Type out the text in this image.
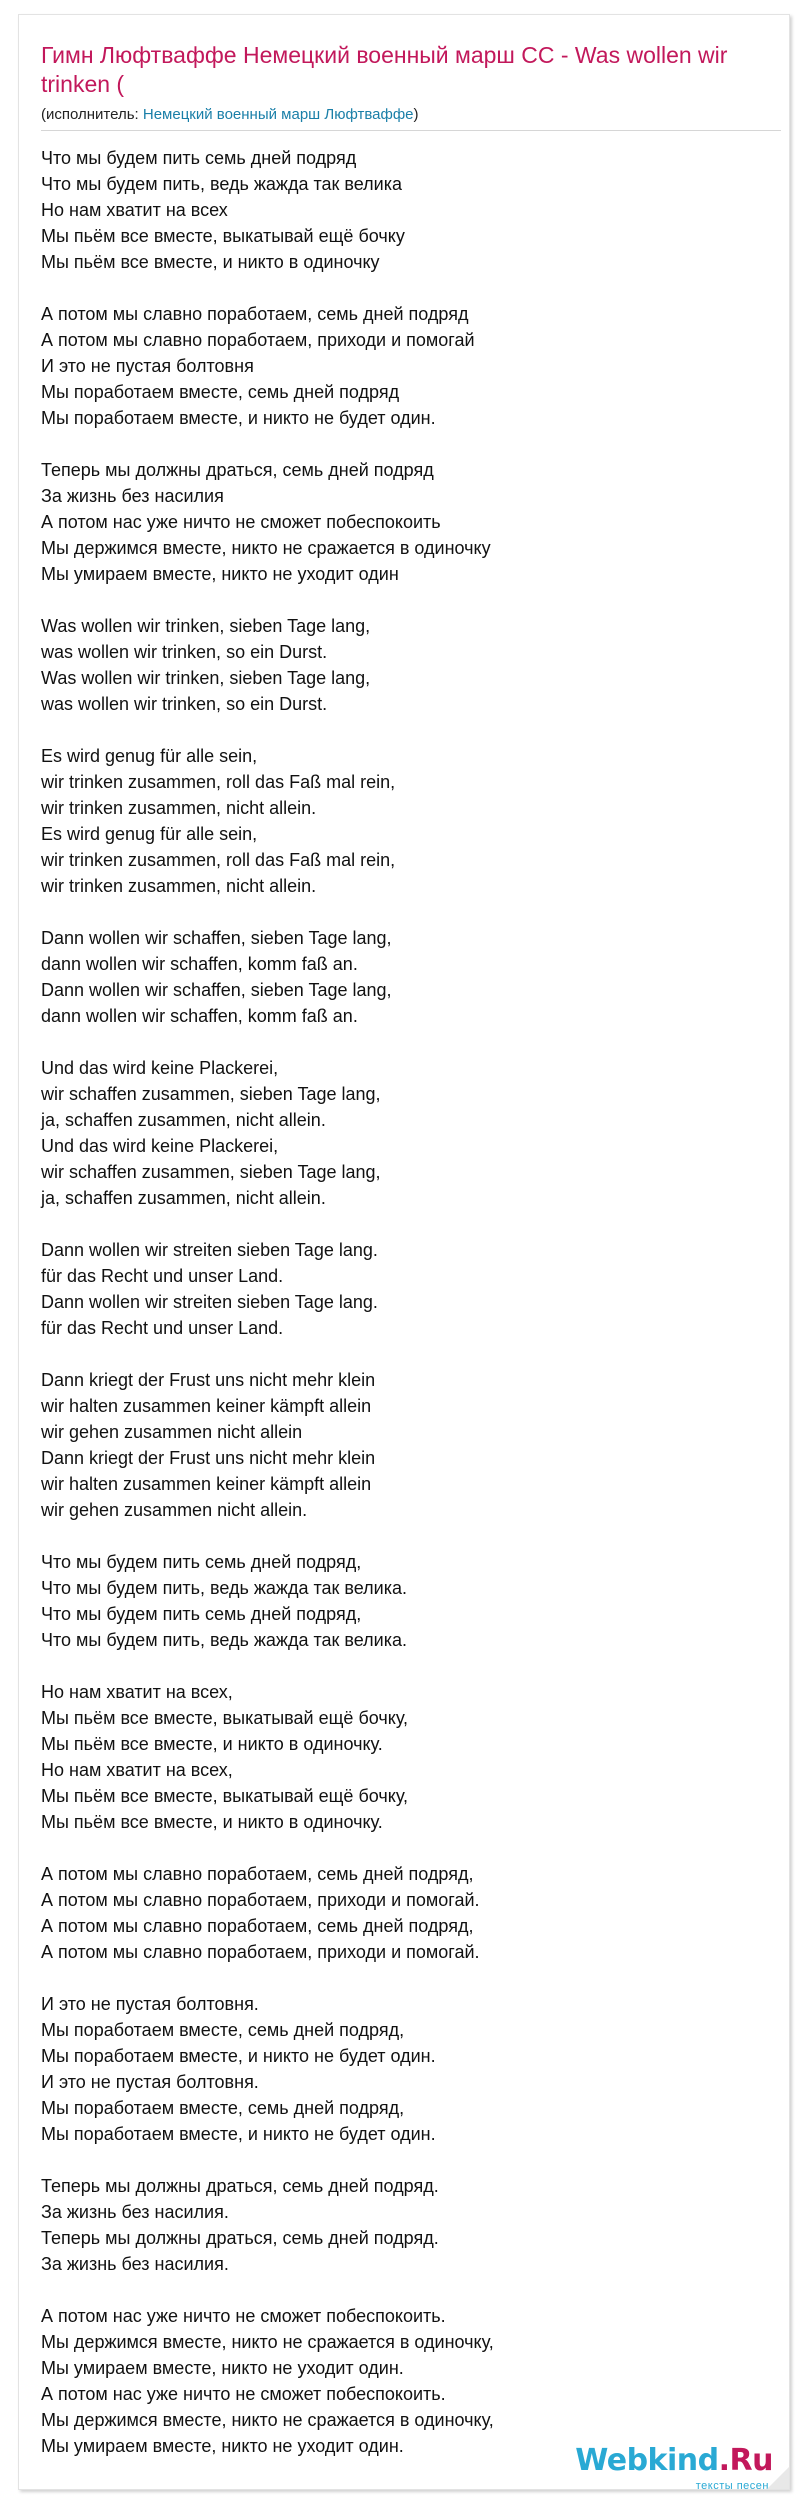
Гимн Люфтваффе Немецкий военный марш СС - Was wollen wir trinken (
(исполнитель: Немецкий военный марш Люфтваффе)
Что мы будем пить семь дней подряд
Что мы будем пить, ведь жажда так велика
Но нам хватит на всех
Мы пьём все вместе, выкатывай ещё бочку
Мы пьём все вместе, и никто в одиночку
А потом мы славно поработаем, семь дней подряд
А потом мы славно поработаем, приходи и помогай
И это не пустая болтовня
Мы поработаем вместе, семь дней подряд
Мы поработаем вместе, и никто не будет один.
Теперь мы должны драться, семь дней подряд
За жизнь без насилия
А потом нас уже ничто не сможет побеспокоить
Мы держимся вместе, никто не сражается в одиночку
Мы умираем вместе, никто не уходит один
Was wollen wir trinken, sieben Tage lang,
was wollen wir trinken, so ein Durst.
Was wollen wir trinken, sieben Tage lang,
was wollen wir trinken, so ein Durst.
Es wird genug für alle sein,
wir trinken zusammen, roll das Faß mal rein,
wir trinken zusammen, nicht allein.
Es wird genug für alle sein,
wir trinken zusammen, roll das Faß mal rein,
wir trinken zusammen, nicht allein.
Dann wollen wir schaffen, sieben Tage lang,
dann wollen wir schaffen, komm faß an.
Dann wollen wir schaffen, sieben Tage lang,
dann wollen wir schaffen, komm faß an.
Und das wird keine Plackerei,
wir schaffen zusammen, sieben Tage lang,
ja, schaffen zusammen, nicht allein.
Und das wird keine Plackerei,
wir schaffen zusammen, sieben Tage lang,
ja, schaffen zusammen, nicht allein.
Dann wollen wir streiten sieben Tage lang.
für das Recht und unser Land.
Dann wollen wir streiten sieben Tage lang.
für das Recht und unser Land.
Dann kriegt der Frust uns nicht mehr klein
wir halten zusammen keiner kämpft allein
wir gehen zusammen nicht allein
Dann kriegt der Frust uns nicht mehr klein
wir halten zusammen keiner kämpft allein
wir gehen zusammen nicht allein.
Что мы будем пить семь дней подряд,
Что мы будем пить, ведь жажда так велика.
Что мы будем пить семь дней подряд,
Что мы будем пить, ведь жажда так велика.
Но нам хватит на всех,
Мы пьём все вместе, выкатывай ещё бочку,
Мы пьём все вместе, и никто в одиночку.
Но нам хватит на всех,
Мы пьём все вместе, выкатывай ещё бочку,
Мы пьём все вместе, и никто в одиночку.
А потом мы славно поработаем, семь дней подряд,
А потом мы славно поработаем, приходи и помогай.
А потом мы славно поработаем, семь дней подряд,
А потом мы славно поработаем, приходи и помогай.
И это не пустая болтовня.
Мы поработаем вместе, семь дней подряд,
Мы поработаем вместе, и никто не будет один.
И это не пустая болтовня.
Мы поработаем вместе, семь дней подряд,
Мы поработаем вместе, и никто не будет один.
Теперь мы должны драться, семь дней подряд.
За жизнь без насилия.
Теперь мы должны драться, семь дней подряд.
За жизнь без насилия.
А потом нас уже ничто не сможет побеспокоить.
Мы держимся вместе, никто не сражается в одиночку,
Мы умираем вместе, никто не уходит один.
А потом нас уже ничто не сможет побеспокоить.
Мы держимся вместе, никто не сражается в одиночку,
Мы умираем вместе, никто не уходит один.	Webkind.Ru
тексты песен
